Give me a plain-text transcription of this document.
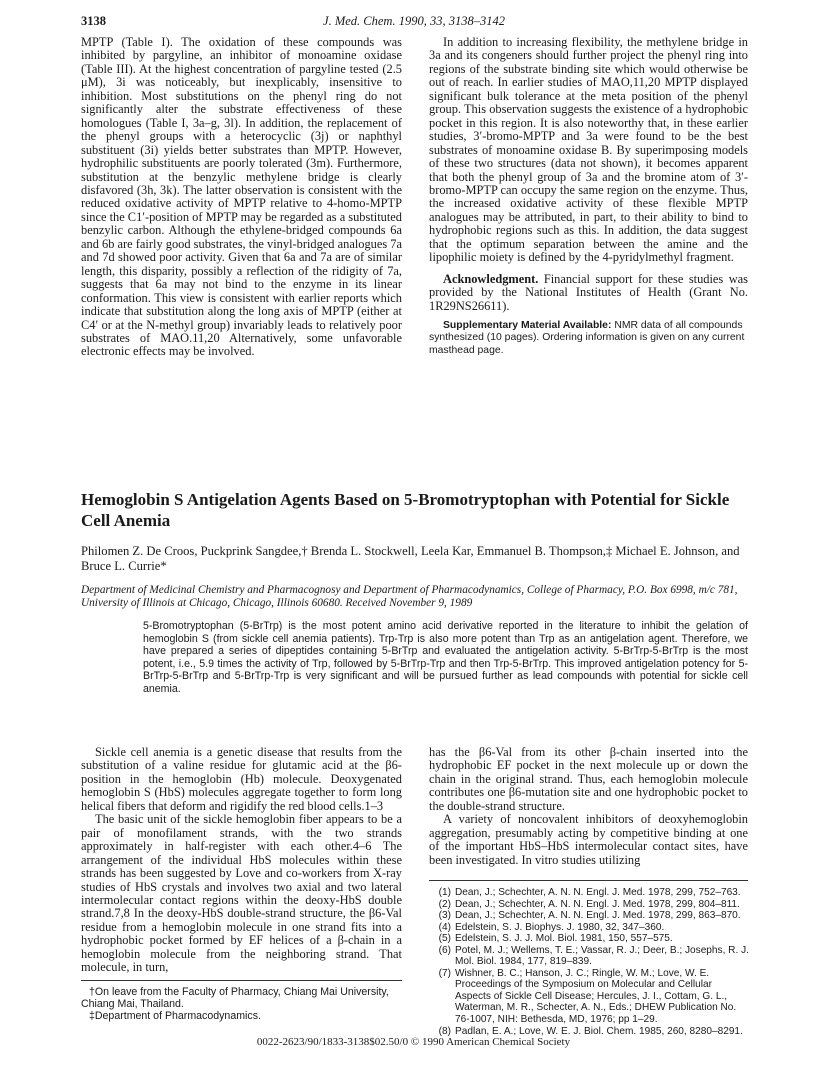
3138	J. Med. Chem. 1990, 33, 3138–3142

MPTP (Table I). The oxidation of these compounds was inhibited by pargyline, an inhibitor of monoamine oxidase (Table III). At the highest concentration of pargyline tested (2.5 μM), 3i was noticeably, but inexplicably, insensitive to inhibition. Most substitutions on the phenyl ring do not significantly alter the substrate effectiveness of these homologues (Table I, 3a–g, 3l). In addition, the replacement of the phenyl groups with a heterocyclic (3j) or naphthyl substituent (3i) yields better substrates than MPTP. However, hydrophilic substituents are poorly tolerated (3m). Furthermore, substitution at the benzylic methylene bridge is clearly disfavored (3h, 3k). The latter observation is consistent with the reduced oxidative activity of MPTP relative to 4-homo-MPTP since the C1′-position of MPTP may be regarded as a substituted benzylic carbon. Although the ethylene-bridged compounds 6a and 6b are fairly good substrates, the vinyl-bridged analogues 7a and 7d showed poor activity. Given that 6a and 7a are of similar length, this disparity, possibly a reflection of the ridigity of 7a, suggests that 6a may not bind to the enzyme in its linear conformation. This view is consistent with earlier reports which indicate that substitution along the long axis of MPTP (either at C4′ or at the N-methyl group) invariably leads to relatively poor substrates of MAO.11,20 Alternatively, some unfavorable electronic effects may be involved.

In addition to increasing flexibility, the methylene bridge in 3a and its congeners should further project the phenyl ring into regions of the substrate binding site which would otherwise be out of reach. In earlier studies of MAO,11,20 MPTP displayed significant bulk tolerance at the meta position of the phenyl group. This observation suggests the existence of a hydrophobic pocket in this region. It is also noteworthy that, in these earlier studies, 3′-bromo-MPTP and 3a were found to be the best substrates of monoamine oxidase B. By superimposing models of these two structures (data not shown), it becomes apparent that both the phenyl group of 3a and the bromine atom of 3′-bromo-MPTP can occupy the same region on the enzyme. Thus, the increased oxidative activity of these flexible MPTP analogues may be attributed, in part, to their ability to bind to hydrophobic regions such as this. In addition, the data suggest that the optimum separation between the amine and the lipophilic moiety is defined by the 4-pyridylmethyl fragment.

Acknowledgment. Financial support for these studies was provided by the National Institutes of Health (Grant No. 1R29NS26611).

Supplementary Material Available: NMR data of all compounds synthesized (10 pages). Ordering information is given on any current masthead page.

Hemoglobin S Antigelation Agents Based on 5-Bromotryptophan with Potential for Sickle Cell Anemia
Philomen Z. De Croos, Puckprink Sangdee,† Brenda L. Stockwell, Leela Kar, Emmanuel B. Thompson,‡ Michael E. Johnson, and Bruce L. Currie*
Department of Medicinal Chemistry and Pharmacognosy and Department of Pharmacodynamics, College of Pharmacy, P.O. Box 6998, m/c 781, University of Illinois at Chicago, Chicago, Illinois 60680. Received November 9, 1989
5-Bromotryptophan (5-BrTrp) is the most potent amino acid derivative reported in the literature to inhibit the gelation of hemoglobin S (from sickle cell anemia patients). Trp-Trp is also more potent than Trp as an antigelation agent. Therefore, we have prepared a series of dipeptides containing 5-BrTrp and evaluated the antigelation activity. 5-BrTrp-5-BrTrp is the most potent, i.e., 5.9 times the activity of Trp, followed by 5-BrTrp-Trp and then Trp-5-BrTrp. This improved antigelation potency for 5-BrTrp-5-BrTrp and 5-BrTrp-Trp is very significant and will be pursued further as lead compounds with potential for sickle cell anemia.

Sickle cell anemia is a genetic disease that results from the substitution of a valine residue for glutamic acid at the β6-position in the hemoglobin (Hb) molecule. Deoxygenated hemoglobin S (HbS) molecules aggregate together to form long helical fibers that deform and rigidify the red blood cells.1–3

The basic unit of the sickle hemoglobin fiber appears to be a pair of monofilament strands, with the two strands approximately in half-register with each other.4–6 The arrangement of the individual HbS molecules within these strands has been suggested by Love and co-workers from X-ray studies of HbS crystals and involves two axial and two lateral intermolecular contact regions within the deoxy-HbS double strand.7,8 In the deoxy-HbS double-strand structure, the β6-Val residue from a hemoglobin molecule in one strand fits into a hydrophobic pocket formed by EF helices of a β-chain in a hemoglobin molecule from the neighboring strand. That molecule, in turn,

has the β6-Val from its other β-chain inserted into the hydrophobic EF pocket in the next molecule up or down the chain in the original strand. Thus, each hemoglobin molecule contributes one β6-mutation site and one hydrophobic pocket to the double-strand structure.

A variety of noncovalent inhibitors of deoxyhemoglobin aggregation, presumably acting by competitive binding at one of the important HbS–HbS intermolecular contact sites, have been investigated. In vitro studies utilizing

(1) Dean, J.; Schechter, A. N. N. Engl. J. Med. 1978, 299, 752–763.
(2) Dean, J.; Schechter, A. N. N. Engl. J. Med. 1978, 299, 804–811.
(3) Dean, J.; Schechter, A. N. N. Engl. J. Med. 1978, 299, 863–870.
(4) Edelstein, S. J. Biophys. J. 1980, 32, 347–360.
(5) Edelstein, S. J. J. Mol. Biol. 1981, 150, 557–575.
(6) Potel, M. J.; Wellems, T. E.; Vassar, R. J.; Deer, B.; Josephs, R. J. Mol. Biol. 1984, 177, 819–839.
(7) Wishner, B. C.; Hanson, J. C.; Ringle, W. M.; Love, W. E. Proceedings of the Symposium on Molecular and Cellular Aspects of Sickle Cell Disease; Hercules, J. I., Cottam, G. L., Waterman, M. R., Schecter, A. N., Eds.; DHEW Publication No. 76-1007, NIH: Bethesda, MD, 1976; pp 1–29.
(8) Padlan, E. A.; Love, W. E. J. Biol. Chem. 1985, 260, 8280–8291.

†On leave from the Faculty of Pharmacy, Chiang Mai University, Chiang Mai, Thailand.

‡Department of Pharmacodynamics.

0022-2623/90/1833-3138$02.50/0 © 1990 American Chemical Society
